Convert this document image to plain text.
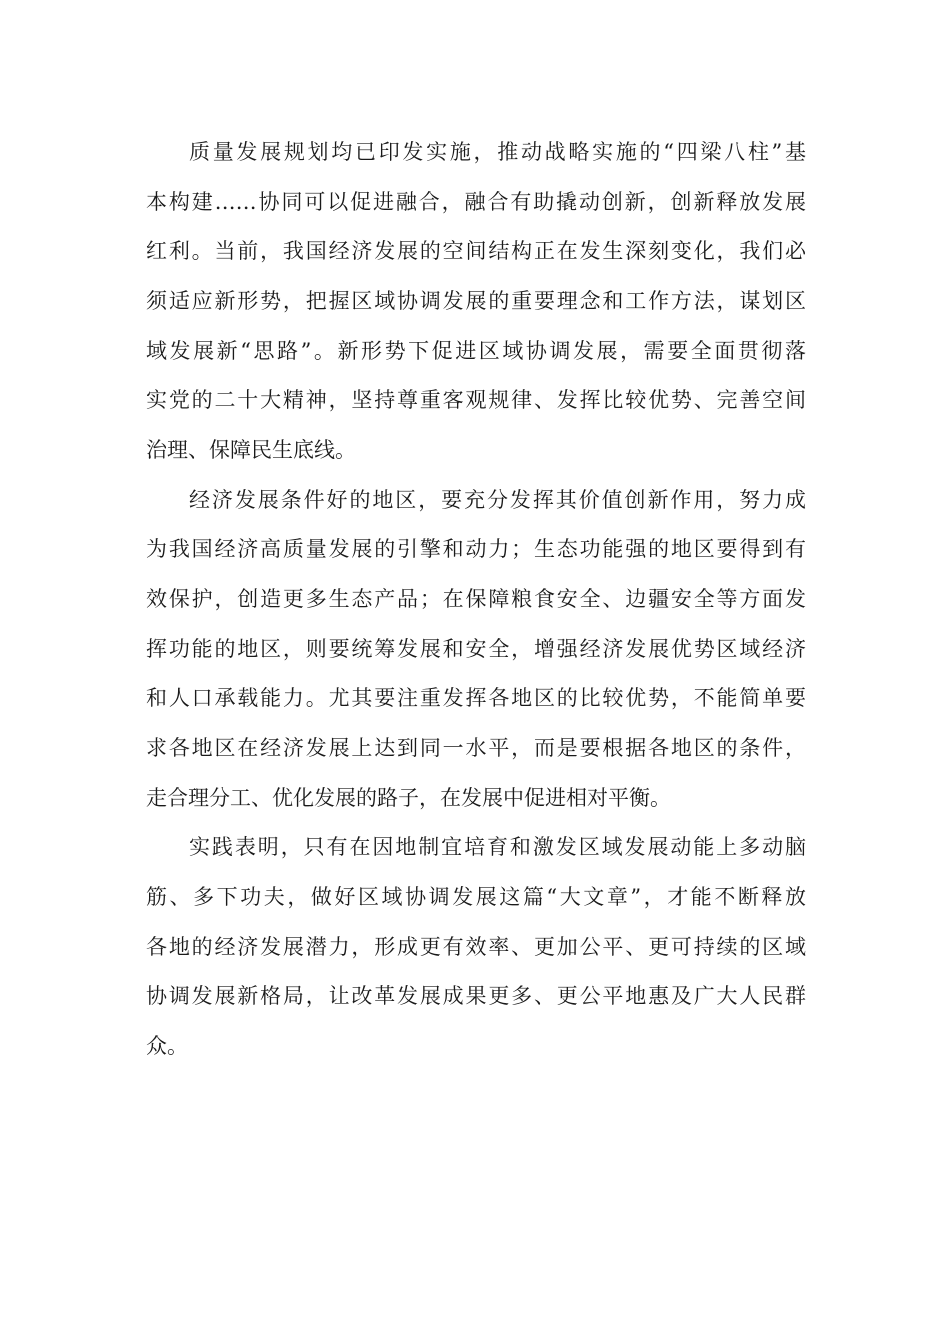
质量发展规划均已印发实施，推动战略实施的“四梁八柱”基
本构建……协同可以促进融合，融合有助撬动创新，创新释放发展
红利。当前，我国经济发展的空间结构正在发生深刻变化，我们必
须适应新形势，把握区域协调发展的重要理念和工作方法，谋划区
域发展新“思路”。新形势下促进区域协调发展，需要全面贯彻落
实党的二十大精神，坚持尊重客观规律、发挥比较优势、完善空间
治理、保障民生底线。
经济发展条件好的地区，要充分发挥其价值创新作用，努力成
为我国经济高质量发展的引擎和动力；生态功能强的地区要得到有
效保护，创造更多生态产品；在保障粮食安全、边疆安全等方面发
挥功能的地区，则要统筹发展和安全，增强经济发展优势区域经济
和人口承载能力。尤其要注重发挥各地区的比较优势，不能简单要
求各地区在经济发展上达到同一水平，而是要根据各地区的条件，
走合理分工、优化发展的路子，在发展中促进相对平衡。
实践表明，只有在因地制宜培育和激发区域发展动能上多动脑
筋、多下功夫，做好区域协调发展这篇“大文章”，才能不断释放
各地的经济发展潜力，形成更有效率、更加公平、更可持续的区域
协调发展新格局，让改革发展成果更多、更公平地惠及广大人民群
众。
